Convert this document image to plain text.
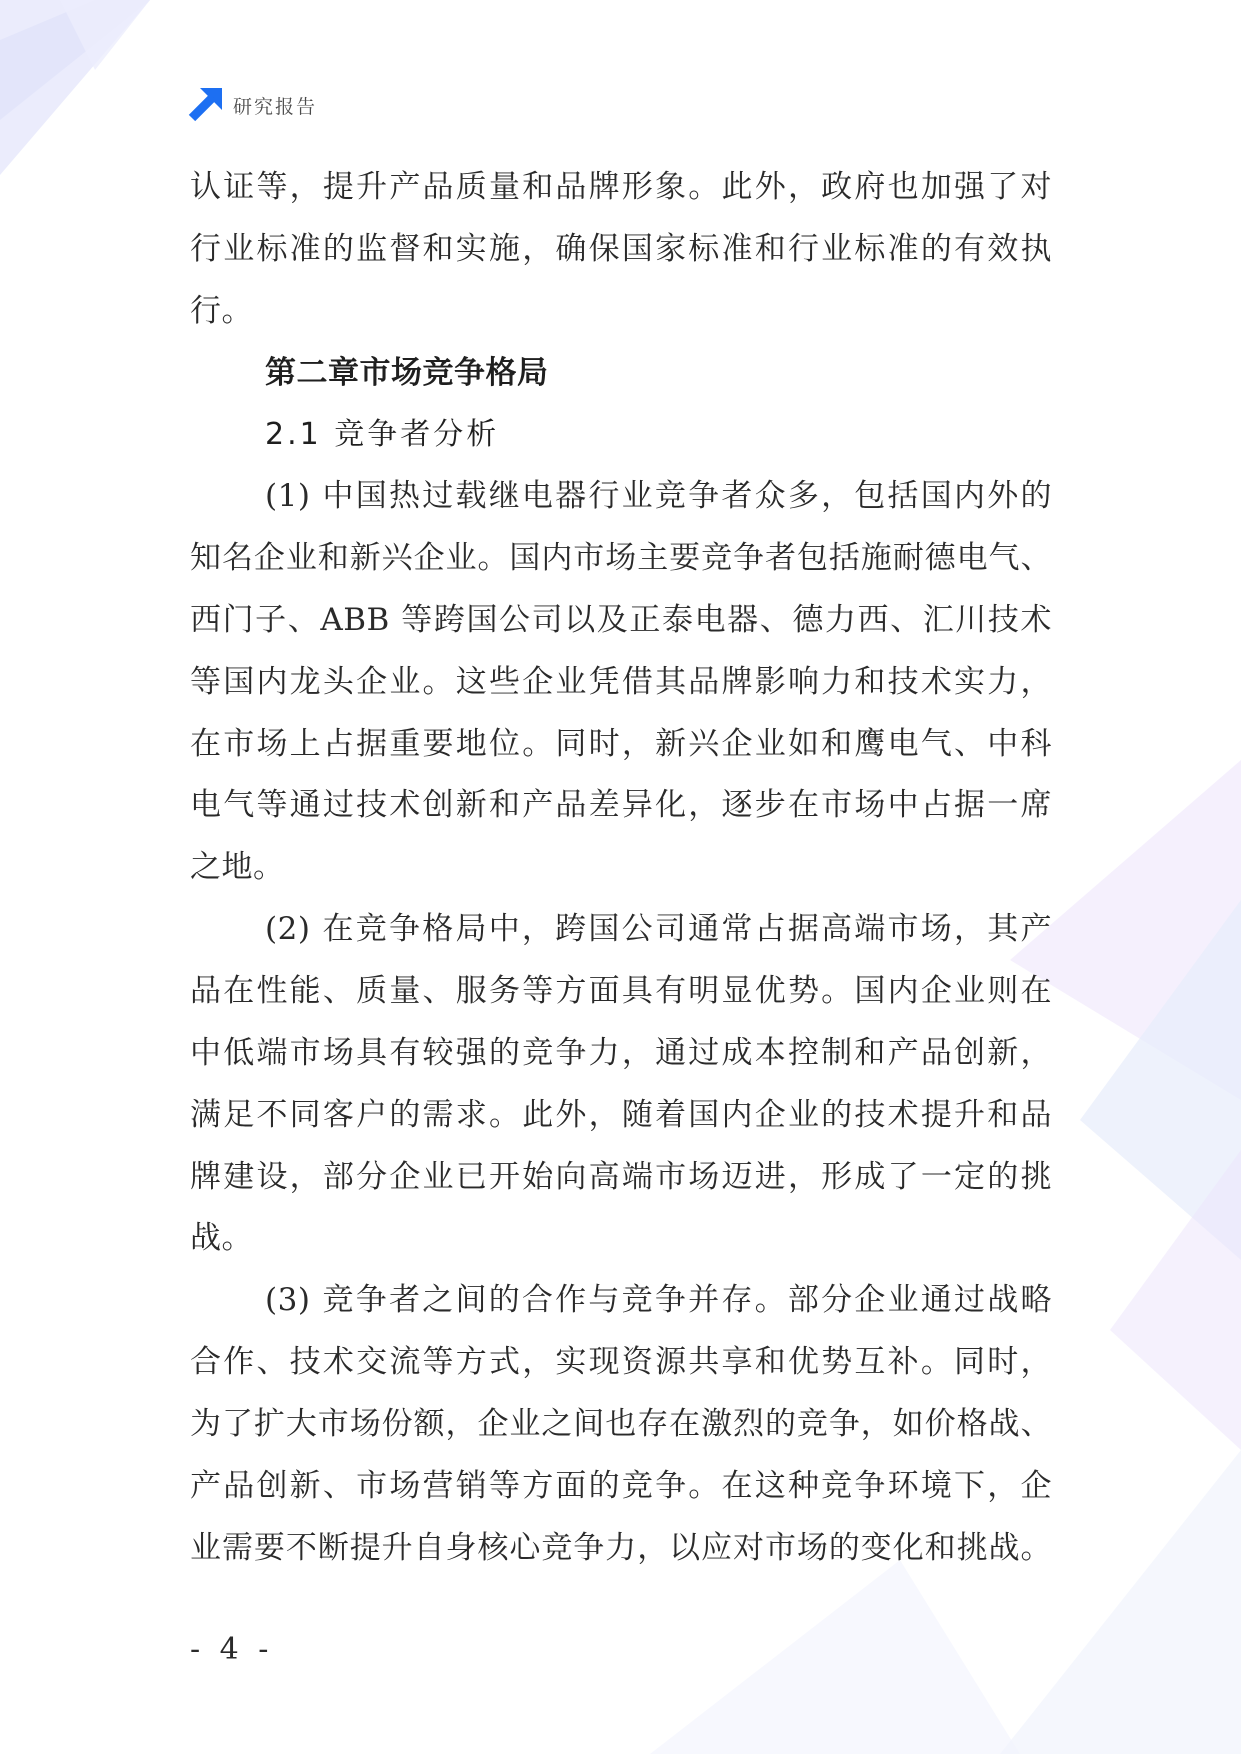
研究报告
认证等，提升产品质量和品牌形象。此外，政府也加强了对
行业标准的监督和实施，确保国家标准和行业标准的有效执
行。
第二章市场竞争格局
2.1 竞争者分析
(1) 中国热过载继电器行业竞争者众多，包括国内外的
知名企业和新兴企业。国内市场主要竞争者包括施耐德电气、
西门子、ABB 等跨国公司以及正泰电器、德力西、汇川技术
等国内龙头企业。这些企业凭借其品牌影响力和技术实力，
在市场上占据重要地位。同时，新兴企业如和鹰电气、中科
电气等通过技术创新和产品差异化，逐步在市场中占据一席
之地。
(2) 在竞争格局中，跨国公司通常占据高端市场，其产
品在性能、质量、服务等方面具有明显优势。国内企业则在
中低端市场具有较强的竞争力，通过成本控制和产品创新，
满足不同客户的需求。此外，随着国内企业的技术提升和品
牌建设，部分企业已开始向高端市场迈进，形成了一定的挑
战。
(3) 竞争者之间的合作与竞争并存。部分企业通过战略
合作、技术交流等方式，实现资源共享和优势互补。同时，
为了扩大市场份额，企业之间也存在激烈的竞争，如价格战、
产品创新、市场营销等方面的竞争。在这种竞争环境下，企
业需要不断提升自身核心竞争力，以应对市场的变化和挑战。
- 4 -
